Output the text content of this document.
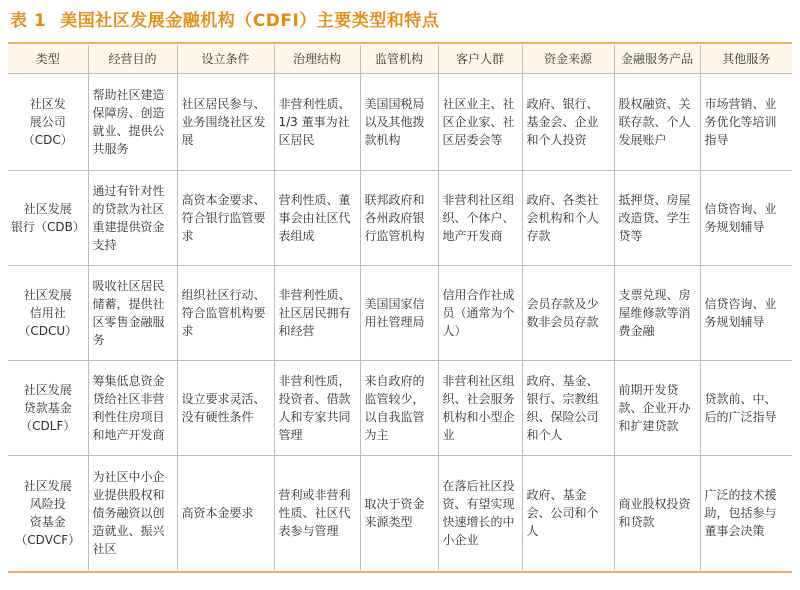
表 1 美国社区发展金融机构（CDFI）主要类型和特点
类型	经营目的	设立条件	治理结构	监管机构	客户人群	资金来源	金融服务产品	其他服务

社区发
展公司
（CDC）	帮助社区建造保障房、创造就业、提供公共服务	社区居民参与、业务围绕社区发展	非营利性质、1/3 董事为社区居民	美国国税局以及其他拨款机构	社区业主、社区企业家、社区居委会等	政府、银行、基金会、企业和个人投资	股权融资、关联存款、个人发展账户	市场营销、业务优化等培训指导

社区发展
银行（CDB）	通过有针对性的贷款为社区重建提供资金支持	高资本金要求、符合银行监管要求	营利性质、董事会由社区代表组成	联邦政府和各州政府银行监管机构	非营利社区组织、个体户、地产开发商	政府、各类社会机构和个人存款	抵押贷、房屋改造贷、学生贷等	信贷咨询、业务规划辅导

社区发展
信用社
（CDCU）	吸收社区居民储蓄，提供社区零售金融服务	组织社区行动、符合监管机构要求	非营利性质、社区居民拥有和经营	美国国家信用社管理局	信用合作社成员（通常为个人）	会员存款及少数非会员存款	支票兑现、房屋维修款等消费金融	信贷咨询、业务规划辅导

社区发展
贷款基金
（CDLF）	筹集低息资金贷给社区非营利性住房项目和地产开发商	设立要求灵活、没有硬性条件	非营利性质，投资者、借款人和专家共同管理	来自政府的监管较少，以自我监管为主	非营利社区组织、社会服务机构和小型企业	政府、基金、银行、宗教组织、保险公司和个人	前期开发贷款、企业开办和扩建贷款	贷款前、中、后的广泛指导

社区发展
风险投
资基金
（CDVCF）	为社区中小企业提供股权和债务融资以创造就业、振兴社区	高资本金要求	营利或非营利性质、社区代表参与管理	取决于资金来源类型	在落后社区投资、有望实现快速增长的中小企业	政府、基金会、公司和个人	商业股权投资和贷款	广泛的技术援助，包括参与董事会决策
